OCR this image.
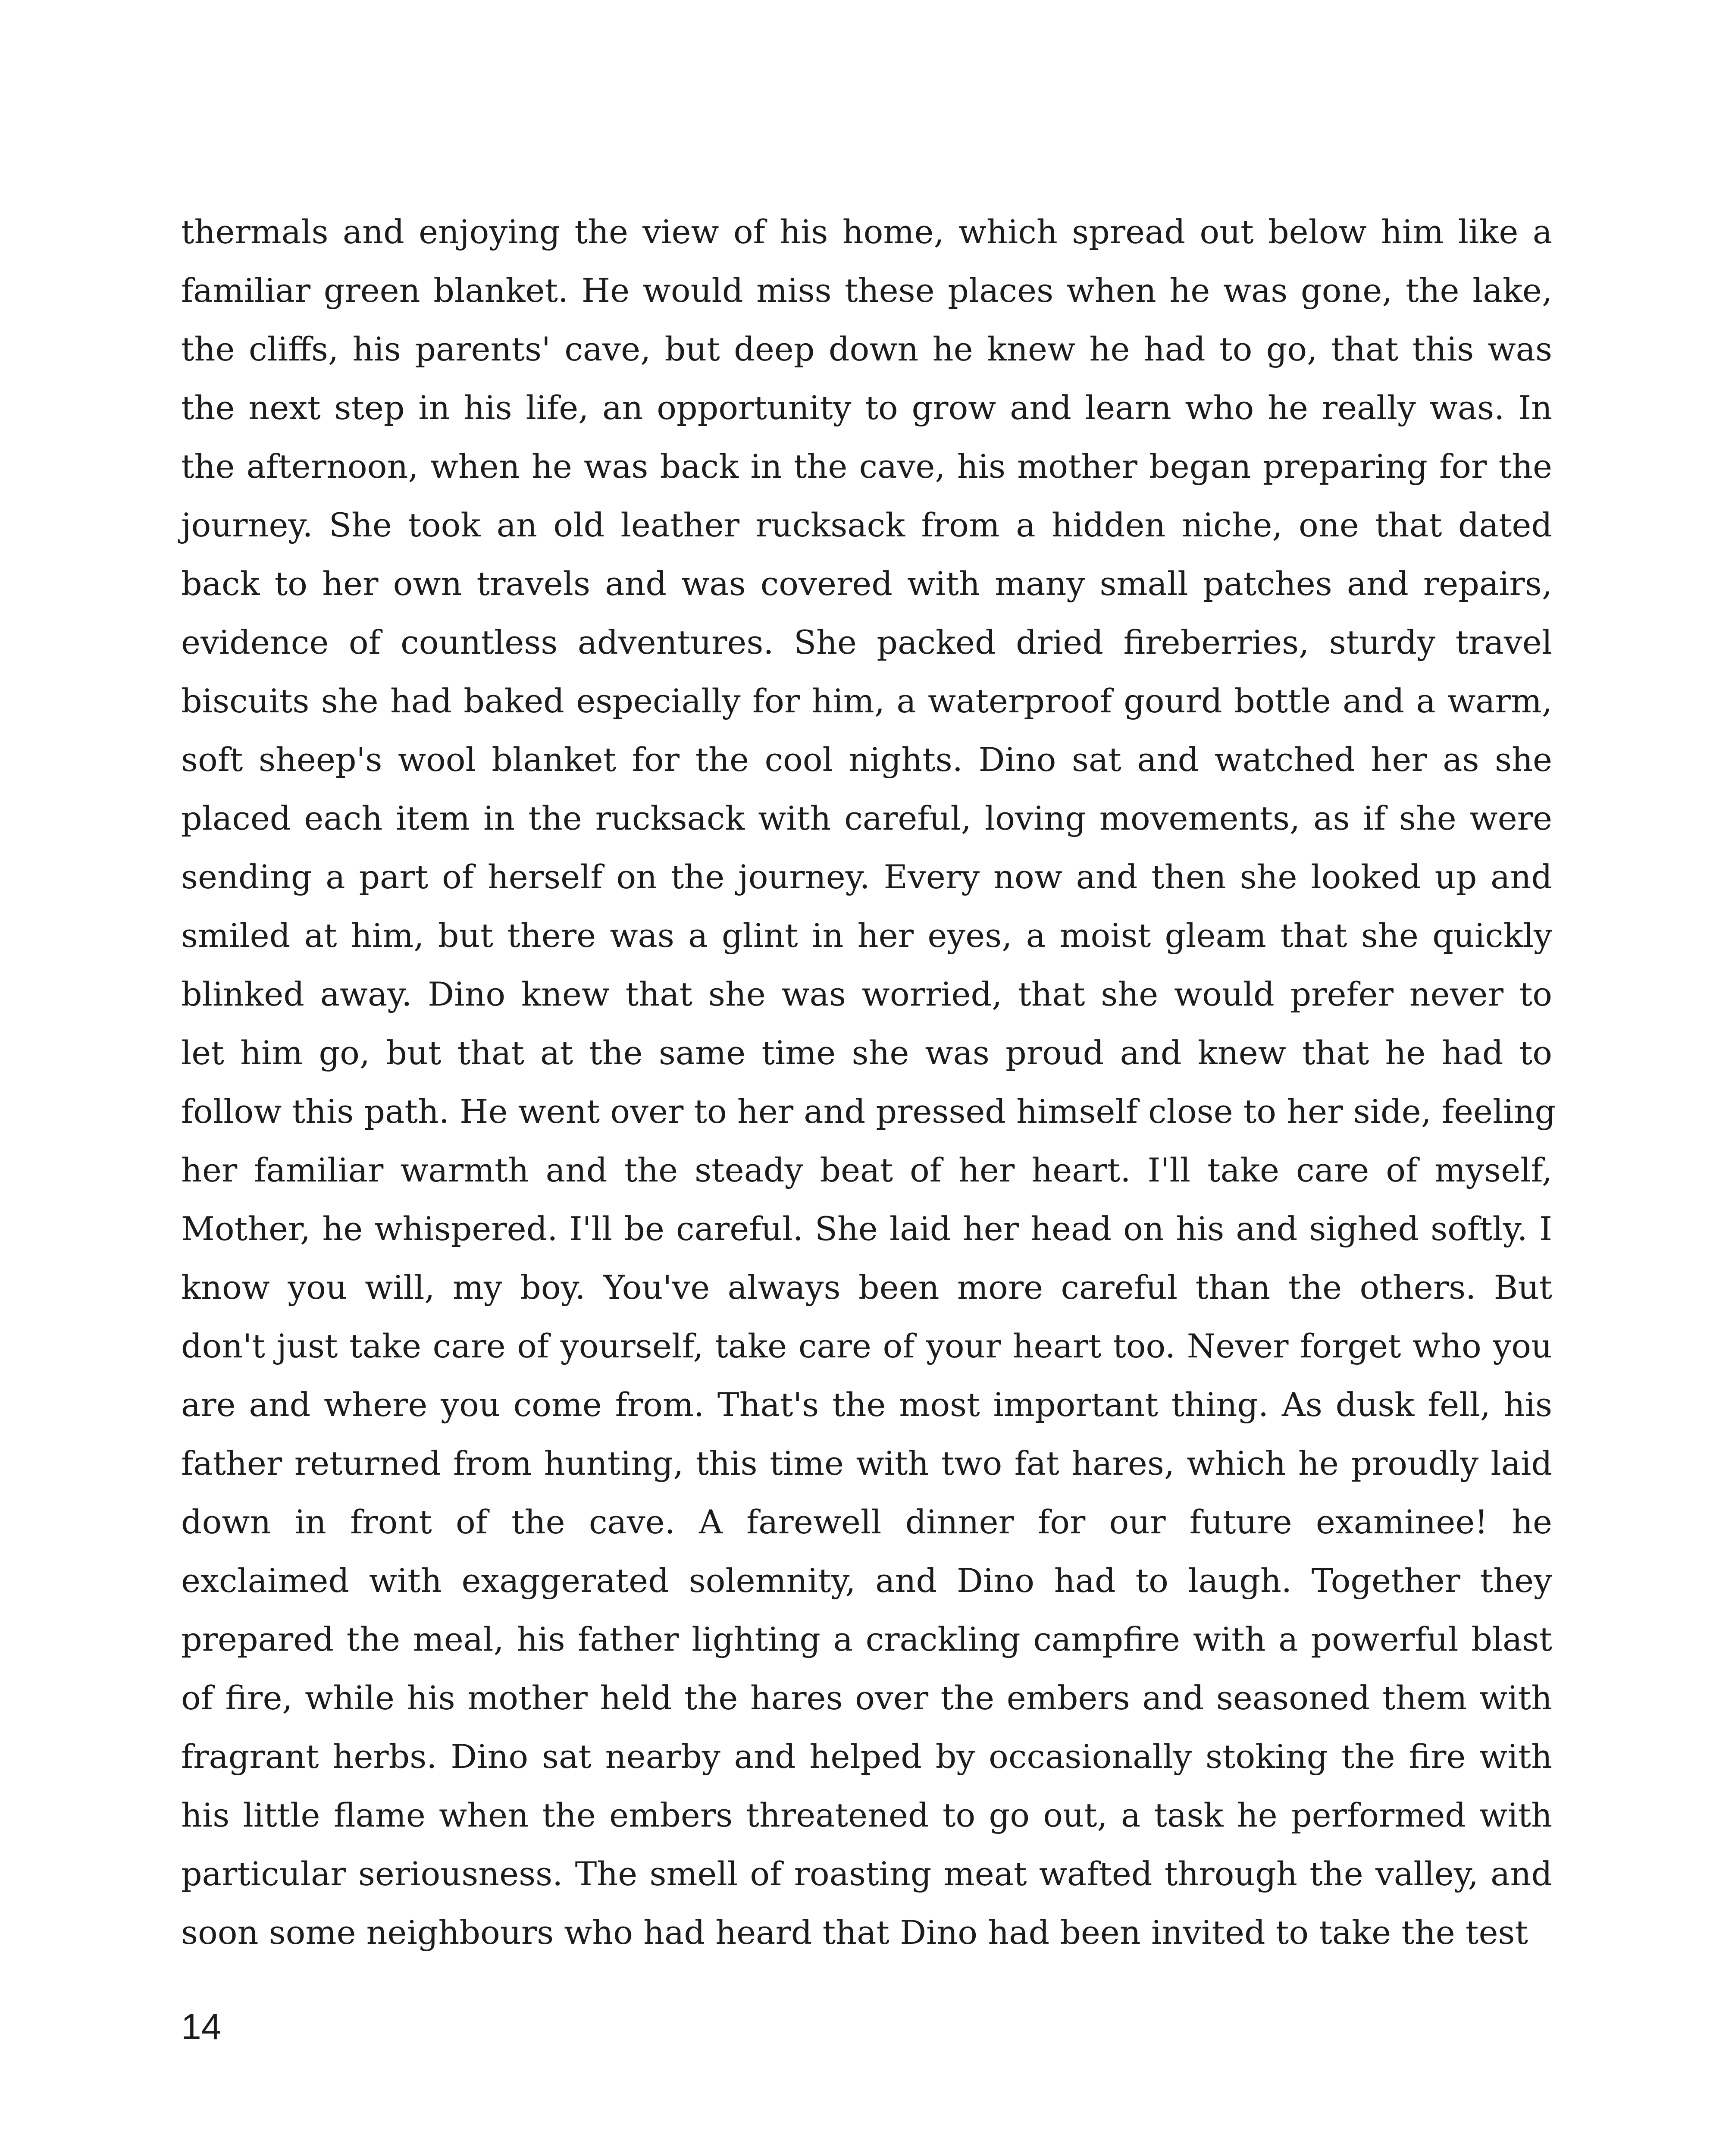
thermals and enjoying the view of his home, which spread out below him like a
familiar green blanket. He would miss these places when he was gone, the lake,
the cliffs, his parents' cave, but deep down he knew he had to go, that this was
the next step in his life, an opportunity to grow and learn who he really was. In
the afternoon, when he was back in the cave, his mother began preparing for the
journey. She took an old leather rucksack from a hidden niche, one that dated
back to her own travels and was covered with many small patches and repairs,
evidence of countless adventures. She packed dried fireberries, sturdy travel
biscuits she had baked especially for him, a waterproof gourd bottle and a warm,
soft sheep's wool blanket for the cool nights. Dino sat and watched her as she
placed each item in the rucksack with careful, loving movements, as if she were
sending a part of herself on the journey. Every now and then she looked up and
smiled at him, but there was a glint in her eyes, a moist gleam that she quickly
blinked away. Dino knew that she was worried, that she would prefer never to
let him go, but that at the same time she was proud and knew that he had to
follow this path. He went over to her and pressed himself close to her side, feeling
her familiar warmth and the steady beat of her heart. I'll take care of myself,
Mother, he whispered. I'll be careful. She laid her head on his and sighed softly. I
know you will, my boy. You've always been more careful than the others. But
don't just take care of yourself, take care of your heart too. Never forget who you
are and where you come from. That's the most important thing. As dusk fell, his
father returned from hunting, this time with two fat hares, which he proudly laid
down in front of the cave. A farewell dinner for our future examinee! he
exclaimed with exaggerated solemnity, and Dino had to laugh. Together they
prepared the meal, his father lighting a crackling campfire with a powerful blast
of fire, while his mother held the hares over the embers and seasoned them with
fragrant herbs. Dino sat nearby and helped by occasionally stoking the fire with
his little flame when the embers threatened to go out, a task he performed with
particular seriousness. The smell of roasting meat wafted through the valley, and
soon some neighbours who had heard that Dino had been invited to take the test
14
